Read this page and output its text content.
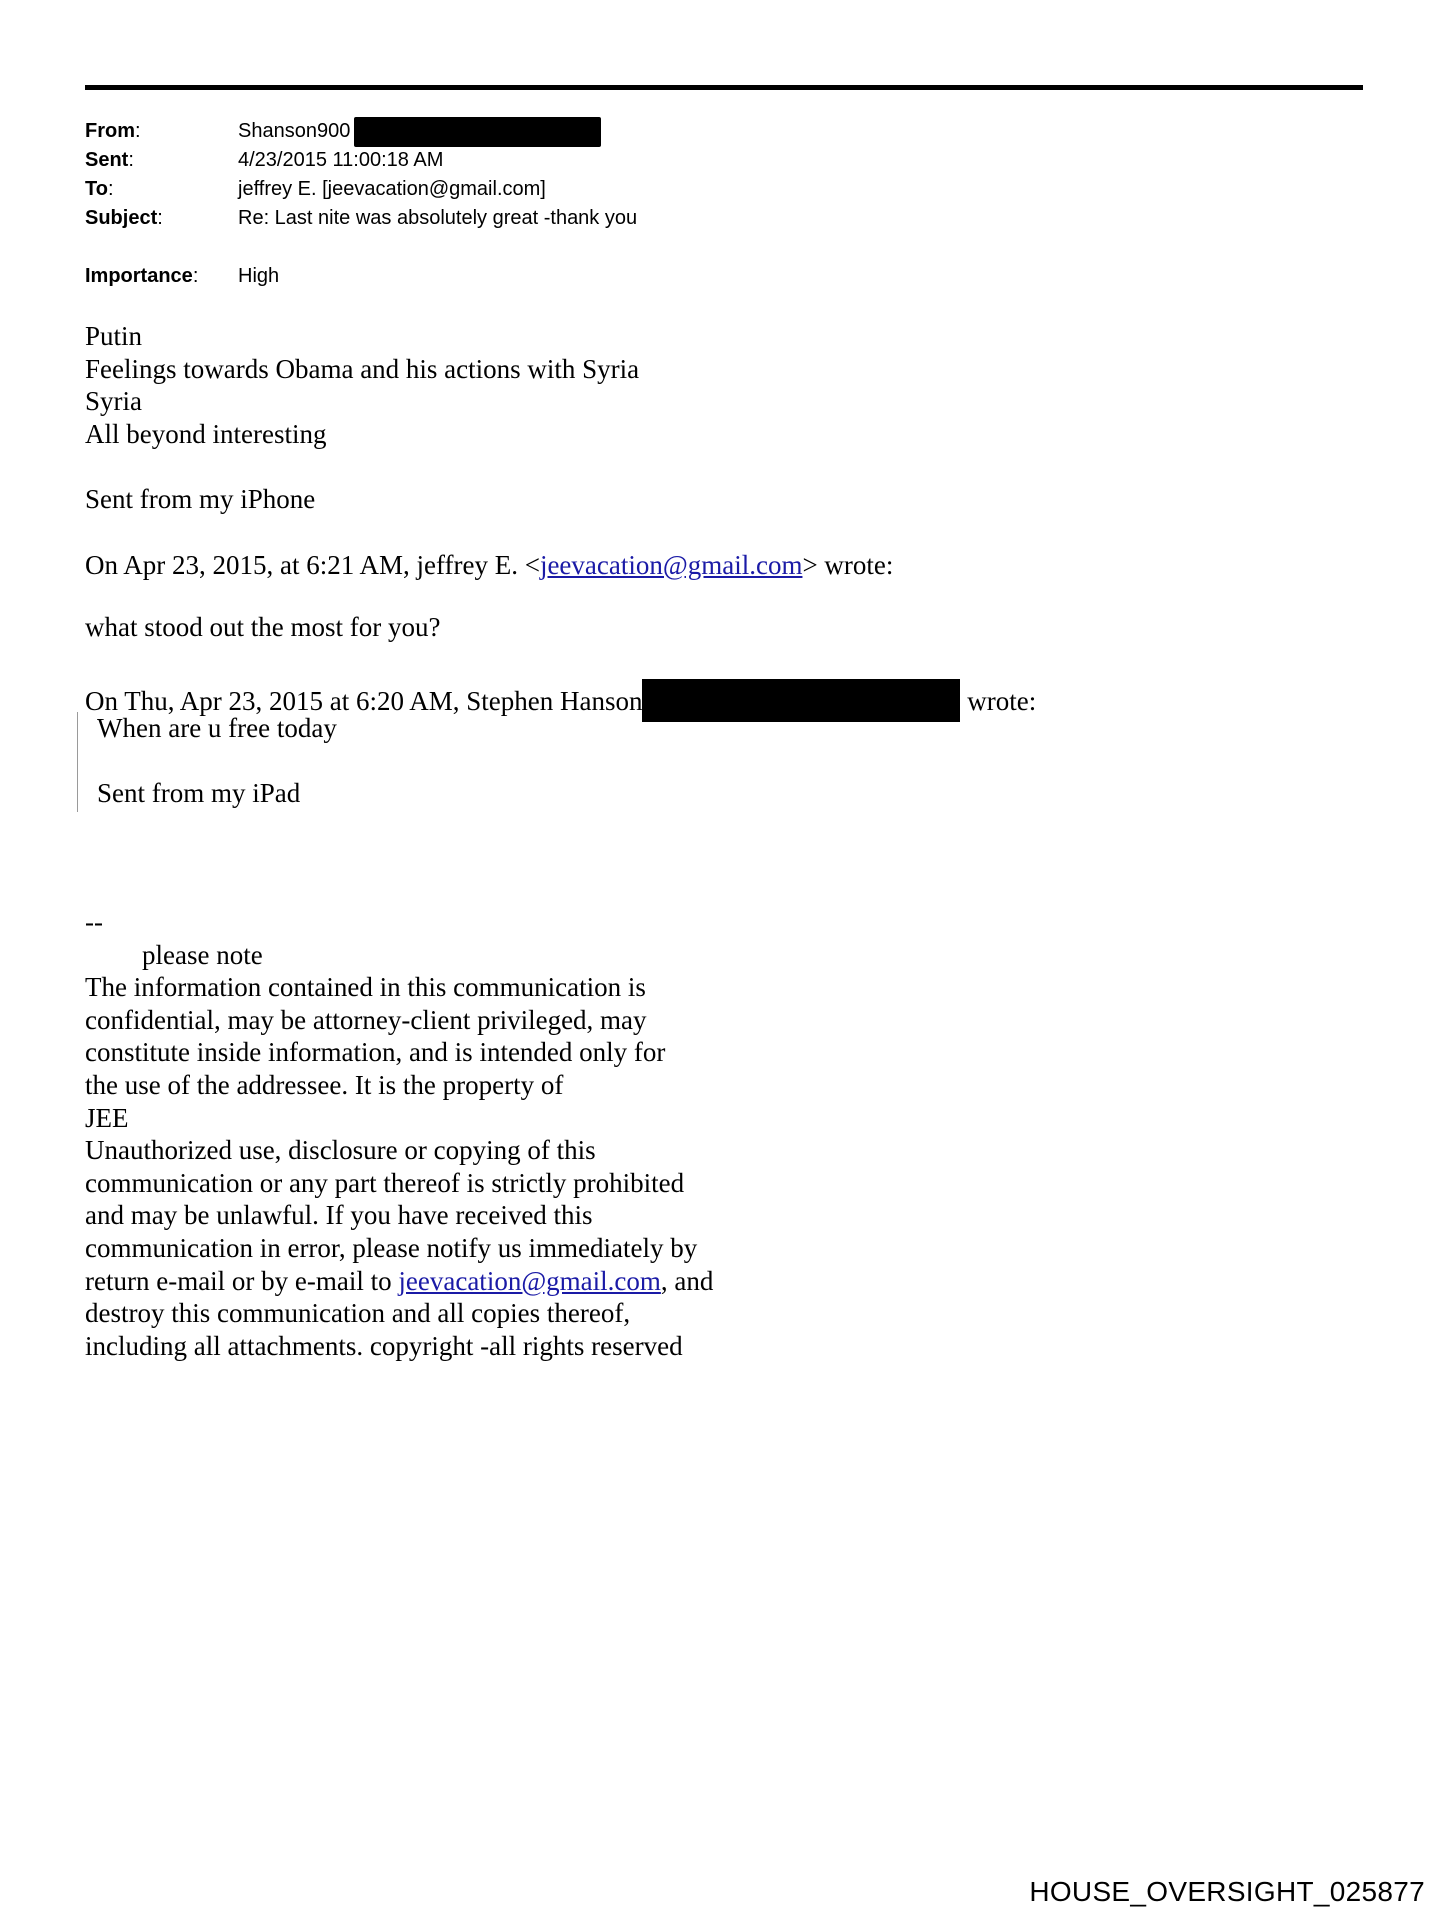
From:	Shanson900
Sent:	4/23/2015 11:00:18 AM
To:	jeffrey E. [jeevacation@gmail.com]
Subject:	Re: Last nite was absolutely great -thank you
Importance:	High
Putin
Feelings towards Obama and his actions with Syria
Syria
All beyond interesting
Sent from my iPhone
On Apr 23, 2015, at 6:21 AM, jeffrey E. <jeevacation@gmail.com> wrote:
what stood out the most for you?
On Thu, Apr 23, 2015 at 6:20 AM, Stephen Hanson	wrote:
When are u free today
Sent from my iPad
--
please note
The information contained in this communication is
confidential, may be attorney-client privileged, may
constitute inside information, and is intended only for
the use of the addressee. It is the property of
JEE
Unauthorized use, disclosure or copying of this
communication or any part thereof is strictly prohibited
and may be unlawful. If you have received this
communication in error, please notify us immediately by
return e-mail or by e-mail to jeevacation@gmail.com, and
destroy this communication and all copies thereof,
including all attachments. copyright -all rights reserved
HOUSE_OVERSIGHT_025877
